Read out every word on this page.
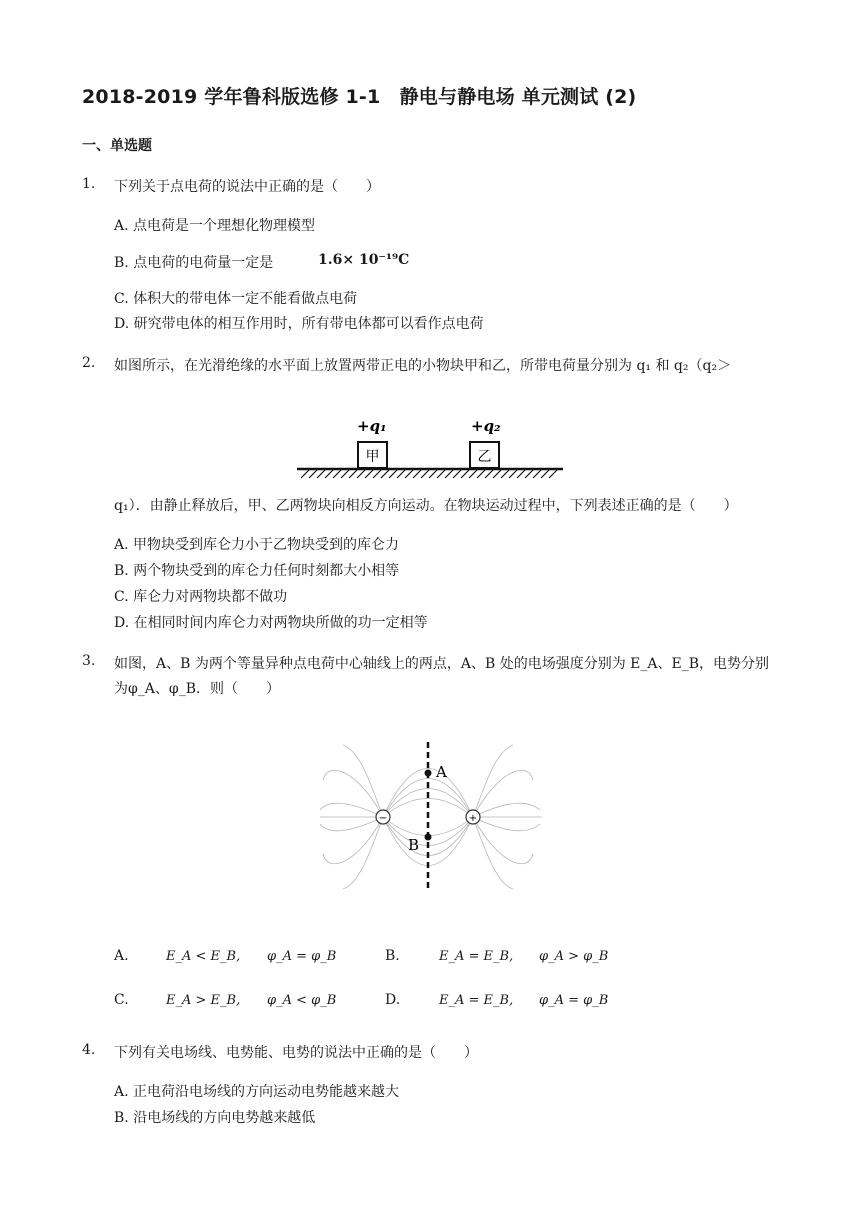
2018-2019 学年鲁科版选修 1-1　静电与静电场 单元测试 (2)
一、单选题
1. 下列关于点电荷的说法中正确的是（　　）
A. 点电荷是一个理想化物理模型
B. 点电荷的电荷量一定是	1.6× 10⁻¹⁹C
C. 体积大的带电体一定不能看做点电荷
D. 研究带电体的相互作用时，所有带电体都可以看作点电荷
2. 如图所示，在光滑绝缘的水平面上放置两带正电的小物块甲和乙，所带电荷量分别为 q₁ 和 q₂（q₂＞
+q₁	+q₂
甲	乙
q₁）．由静止释放后，甲、乙两物块向相反方向运动。在物块运动过程中，下列表述正确的是（　　）
A. 甲物块受到库仑力小于乙物块受到的库仑力
B. 两个物块受到的库仑力任何时刻都大小相等
C. 库仑力对两物块都不做功
D. 在相同时间内库仑力对两物块所做的功一定相等
3. 如图，A、B 为两个等量异种点电荷中心轴线上的两点，A、B 处的电场强度分别为 E_A、E_B，电势分别
为φ_A、φ_B．则（　　）
A
B
−	+
A.	E_A < E_B, φ_A = φ_B	B.	E_A = E_B, φ_A > φ_B
C.	E_A > E_B, φ_A < φ_B	D.	E_A = E_B, φ_A = φ_B
4. 下列有关电场线、电势能、电势的说法中正确的是（　　）
A. 正电荷沿电场线的方向运动电势能越来越大
B. 沿电场线的方向电势越来越低
